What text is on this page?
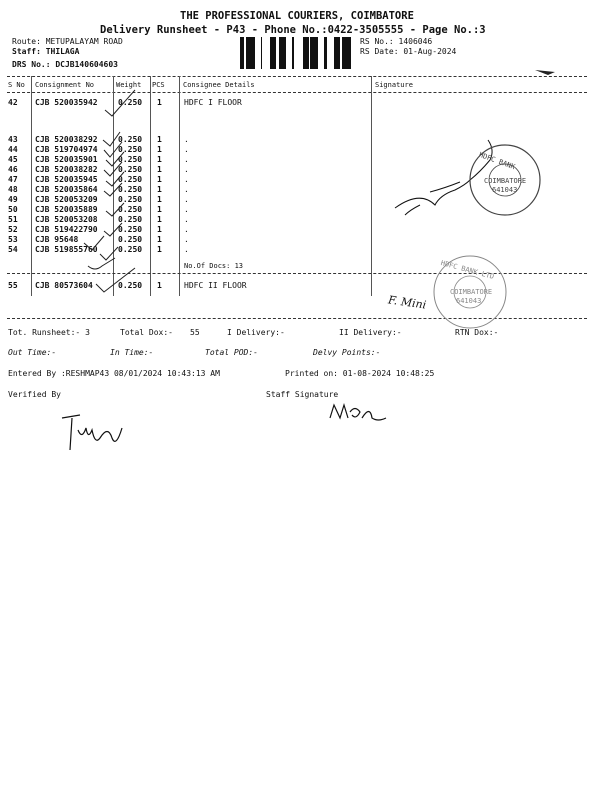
THE PROFESSIONAL COURIERS, COIMBATORE
Delivery Runsheet - P43 - Phone No.:0422-3505555 - Page No.:3
Route: METUPALAYAM ROAD
Staff: THILAGA
DRS No.: DCJB140604603
RS No.: 1406046
RS Date: 01-Aug-2024
S No Consignment No	Weight PCS	Consignee Details	Signature
42 CJB 520035942	0.250 1	HDFC I FLOOR
43 CJB 520038292	0.250 1	.
44 CJB 519704974	0.250 1	.
45 CJB 520035901	0.250 1	.
46 CJB 520038282	0.250 1	.
47 CJB 520035945	0.250 1	.
48 CJB 520035864	0.250 1	.
49 CJB 520053209	0.250 1	.
50 CJB 520035889	0.250 1	.
51 CJB 520053208	0.250 1	.
52 CJB 519422790	0.250 1	.
53 CJB 95648	0.250 1	.
54 CJB 519855760	0.250 1	.
No.Of Docs: 13
55 CJB 80573604	0.250 1	HDFC II FLOOR
Tot. Runsheet:- 3	Total Dox:- 55	I Delivery:-	II Delivery:-	RTN Dox:-
Out Time:-	In Time:-	Total POD:-	Delvy Points:-
Entered By :RESHMAP43 08/01/2024 10:43:13 AM	Printed on: 01-08-2024 10:48:25
Verified By	Staff Signature
HDFC BANK
COIMBATORE
641043
HDFC BANK LTD
COIMBATORE
641043
F. Mini
